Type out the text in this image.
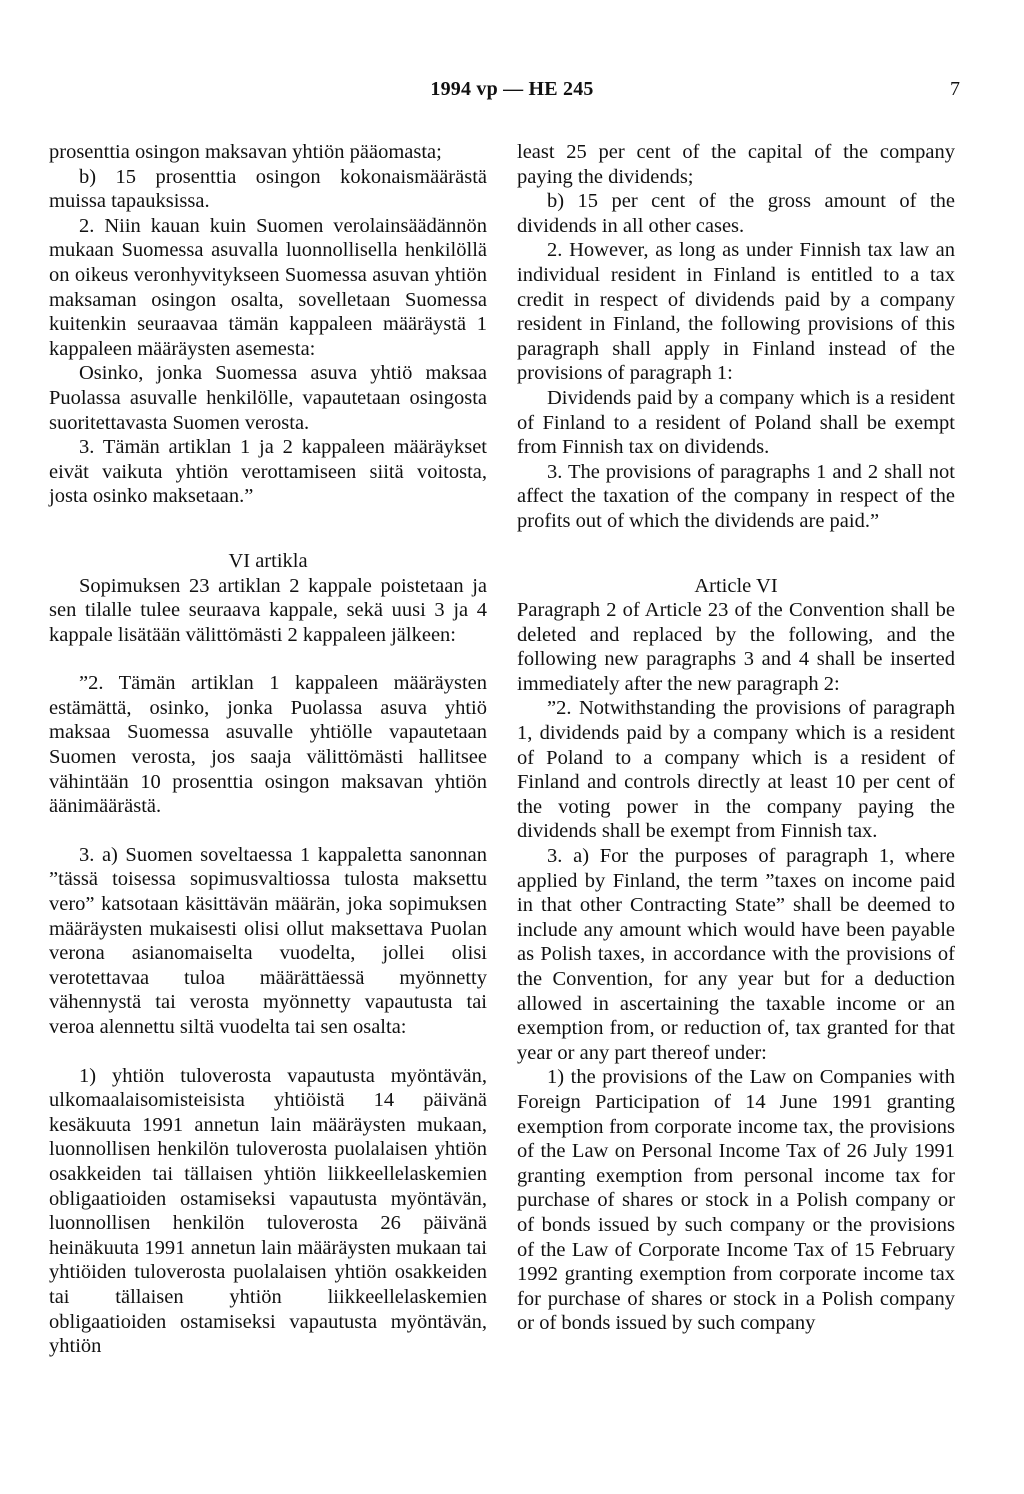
1994 vp — HE 245	7

prosenttia osingon maksavan yhtiön pääomasta;

b) 15 prosenttia osingon kokonaismäärästä muissa tapauksissa.

2. Niin kauan kuin Suomen verolainsäädännön mukaan Suomessa asuvalla luonnollisella henkilöllä on oikeus veronhyvitykseen Suomessa asuvan yhtiön maksaman osingon osalta, sovelletaan Suomessa kuitenkin seuraavaa tämän kappaleen määräystä 1 kappaleen määräysten asemesta:

Osinko, jonka Suomessa asuva yhtiö maksaa Puolassa asuvalle henkilölle, vapautetaan osingosta suoritettavasta Suomen verosta.

3. Tämän artiklan 1 ja 2 kappaleen määräykset eivät vaikuta yhtiön verottamiseen siitä voitosta, josta osinko maksetaan.”

VI artikla

Sopimuksen 23 artiklan 2 kappale poistetaan ja sen tilalle tulee seuraava kappale, sekä uusi 3 ja 4 kappale lisätään välittömästi 2 kappaleen jälkeen:

”2. Tämän artiklan 1 kappaleen määräysten estämättä, osinko, jonka Puolassa asuva yhtiö maksaa Suomessa asuvalle yhtiölle vapautetaan Suomen verosta, jos saaja välittömästi hallitsee vähintään 10 prosenttia osingon maksavan yhtiön äänimäärästä.

3. a) Suomen soveltaessa 1 kappaletta sanonnan ”tässä toisessa sopimusvaltiossa tulosta maksettu vero” katsotaan käsittävän määrän, joka sopimuksen määräysten mukaisesti olisi ollut maksettava Puolan verona asianomaiselta vuodelta, jollei olisi verotettavaa tuloa määrättäessä myönnetty vähennystä tai verosta myönnetty vapautusta tai veroa alennettu siltä vuodelta tai sen osalta:

1) yhtiön tuloverosta vapautusta myöntävän, ulkomaalaisomisteisista yhtiöistä 14 päivänä kesäkuuta 1991 annetun lain määräysten mukaan, luonnollisen henkilön tuloverosta puolalaisen yhtiön osakkeiden tai tällaisen yhtiön liikkeellelaskemien obligaatioiden ostamiseksi vapautusta myöntävän, luonnollisen henkilön tuloverosta 26 päivänä heinäkuuta 1991 annetun lain määräysten mukaan tai yhtiöiden tuloverosta puolalaisen yhtiön osakkeiden tai tällaisen yhtiön liikkeellelaskemien obligaatioiden ostamiseksi vapautusta myöntävän, yhtiön

least 25 per cent of the capital of the company paying the dividends;

b) 15 per cent of the gross amount of the dividends in all other cases.

2. However, as long as under Finnish tax law an individual resident in Finland is entitled to a tax credit in respect of dividends paid by a company resident in Finland, the following provisions of this paragraph shall apply in Finland instead of the provisions of paragraph 1:

Dividends paid by a company which is a resident of Finland to a resident of Poland shall be exempt from Finnish tax on dividends.

3. The provisions of paragraphs 1 and 2 shall not affect the taxation of the company in respect of the profits out of which the dividends are paid.”

Article VI

Paragraph 2 of Article 23 of the Convention shall be deleted and replaced by the following, and the following new paragraphs 3 and 4 shall be inserted immediately after the new paragraph 2:

”2. Notwithstanding the provisions of paragraph 1, dividends paid by a company which is a resident of Poland to a company which is a resident of Finland and controls directly at least 10 per cent of the voting power in the company paying the dividends shall be exempt from Finnish tax.

3. a) For the purposes of paragraph 1, where applied by Finland, the term ”taxes on income paid in that other Contracting State” shall be deemed to include any amount which would have been payable as Polish taxes, in accordance with the provisions of the Convention, for any year but for a deduction allowed in ascertaining the taxable income or an exemption from, or reduction of, tax granted for that year or any part thereof under:

1) the provisions of the Law on Companies with Foreign Participation of 14 June 1991 granting exemption from corporate income tax, the provisions of the Law on Personal Income Tax of 26 July 1991 granting exemption from personal income tax for purchase of shares or stock in a Polish company or of bonds issued by such company or the provisions of the Law of Corporate Income Tax of 15 February 1992 granting exemption from corporate income tax for purchase of shares or stock in a Polish company or of bonds issued by such company
